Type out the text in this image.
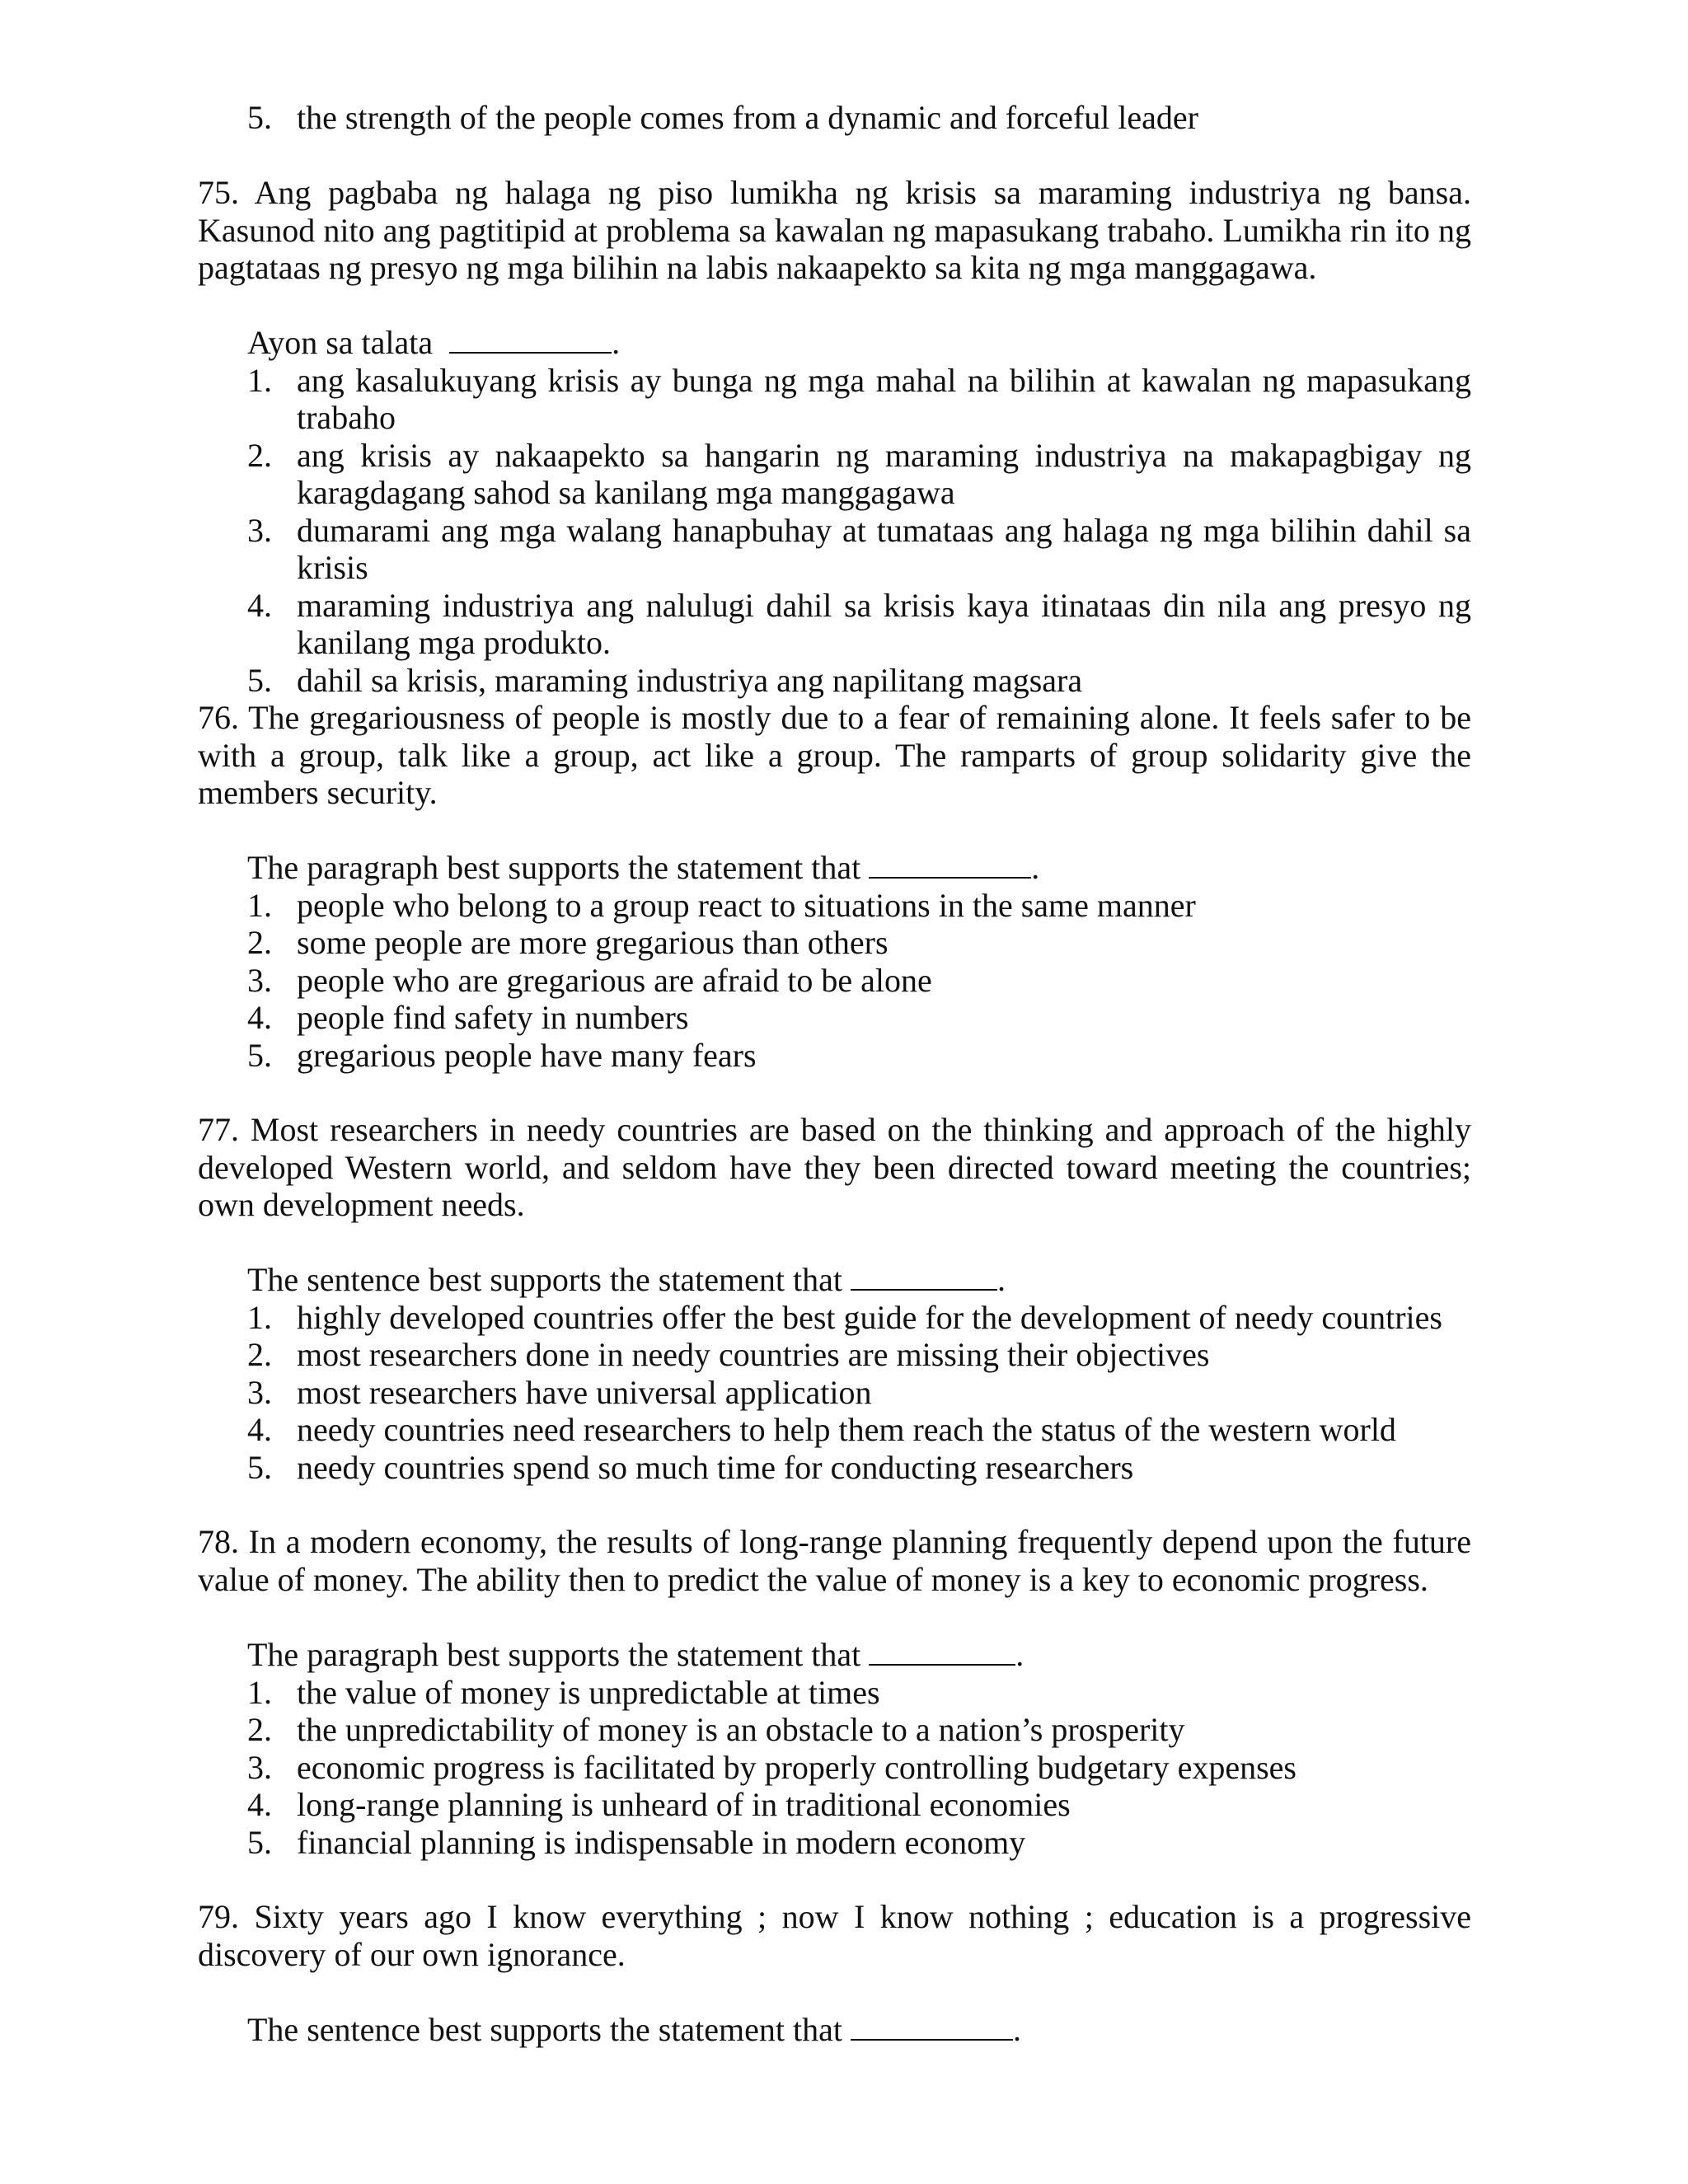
5. the strength of the people comes from a dynamic and forceful leader

75. Ang pagbaba ng halaga ng piso lumikha ng krisis sa maraming industriya ng bansa. Kasunod nito ang pagtitipid at problema sa kawalan ng mapasukang trabaho. Lumikha rin ito ng pagtataas ng presyo ng mga bilihin na labis nakaapekto sa kita ng mga manggagawa.

Ayon sa talata	.

1. ang kasalukuyang krisis ay bunga ng mga mahal na bilihin at kawalan ng mapasukang trabaho
2. ang krisis ay nakaapekto sa hangarin ng maraming industriya na makapagbigay ng karagdagang sahod sa kanilang mga manggagawa
3. dumarami ang mga walang hanapbuhay at tumataas ang halaga ng mga bilihin dahil sa krisis
4. maraming industriya ang nalulugi dahil sa krisis kaya itinataas din nila ang presyo ng kanilang mga produkto.
5. dahil sa krisis, maraming industriya ang napilitang magsara

76. The gregariousness of people is mostly due to a fear of remaining alone. It feels safer to be with a group, talk like a group, act like a group. The ramparts of group solidarity give the members security.

The paragraph best supports the statement that	.

1. people who belong to a group react to situations in the same manner
2. some people are more gregarious than others
3. people who are gregarious are afraid to be alone
4. people find safety in numbers
5. gregarious people have many fears

77. Most researchers in needy countries are based on the thinking and approach of the highly developed Western world, and seldom have they been directed toward meeting the countries; own development needs.

The sentence best supports the statement that	.

1. highly developed countries offer the best guide for the development of needy countries
2. most researchers done in needy countries are missing their objectives
3. most researchers have universal application
4. needy countries need researchers to help them reach the status of the western world
5. needy countries spend so much time for conducting researchers

78. In a modern economy, the results of long-range planning frequently depend upon the future value of money. The ability then to predict the value of money is a key to economic progress.

The paragraph best supports the statement that	.

1. the value of money is unpredictable at times
2. the unpredictability of money is an obstacle to a nation’s prosperity
3. economic progress is facilitated by properly controlling budgetary expenses
4. long-range planning is unheard of in traditional economies
5. financial planning is indispensable in modern economy

79. Sixty years ago I know everything ; now I know nothing ; education is a progressive discovery of our own ignorance.

The sentence best supports the statement that	.
